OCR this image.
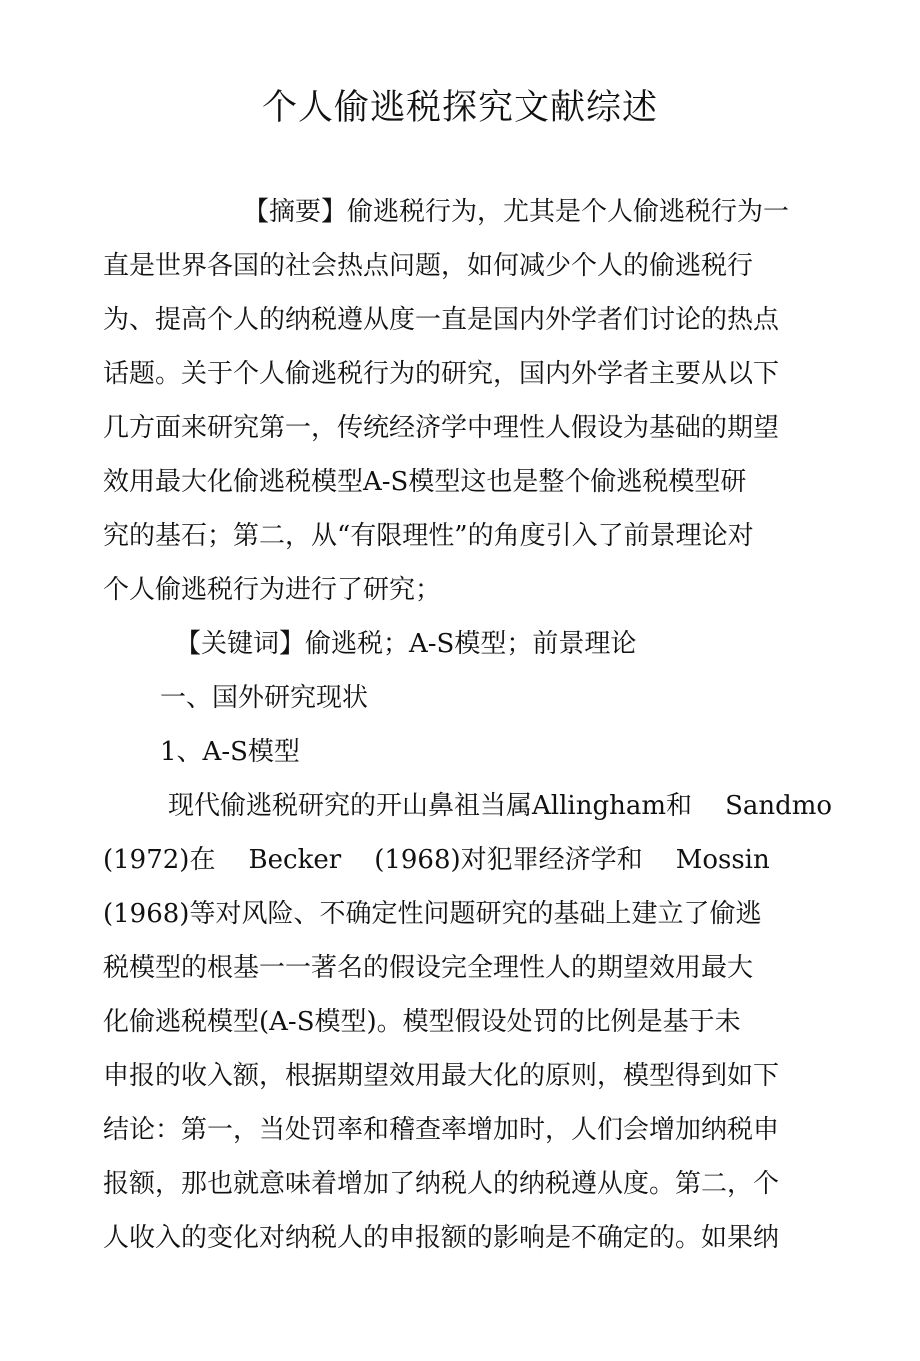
个人偷逃税探究文献综述
【摘要】偷逃税行为，尤其是个人偷逃税行为一
直是世界各国的社会热点问题，如何减少个人的偷逃税行
为、提高个人的纳税遵从度一直是国内外学者们讨论的热点
话题。关于个人偷逃税行为的研究，国内外学者主要从以下
几方面来研究第一，传统经济学中理性人假设为基础的期望
效用最大化偷逃税模型A-S模型这也是整个偷逃税模型研
究的基石；第二，从“有限理性”的角度引入了前景理论对
个人偷逃税行为进行了研究；
【关键词】偷逃税；A-S模型；前景理论
一、国外研究现状
1、A-S模型
现代偷逃税研究的开山鼻祖当属Allingham和    Sandmo
(1972)在    Becker    (1968)对犯罪经济学和    Mossin
(1968)等对风险、不确定性问题研究的基础上建立了偷逃
税模型的根基一一著名的假设完全理性人的期望效用最大
化偷逃税模型(A-S模型)。模型假设处罚的比例是基于未
申报的收入额，根据期望效用最大化的原则，模型得到如下
结论：第一，当处罚率和稽查率增加时，人们会增加纳税申
报额，那也就意味着增加了纳税人的纳税遵从度。第二，个
人收入的变化对纳税人的申报额的影响是不确定的。如果纳
